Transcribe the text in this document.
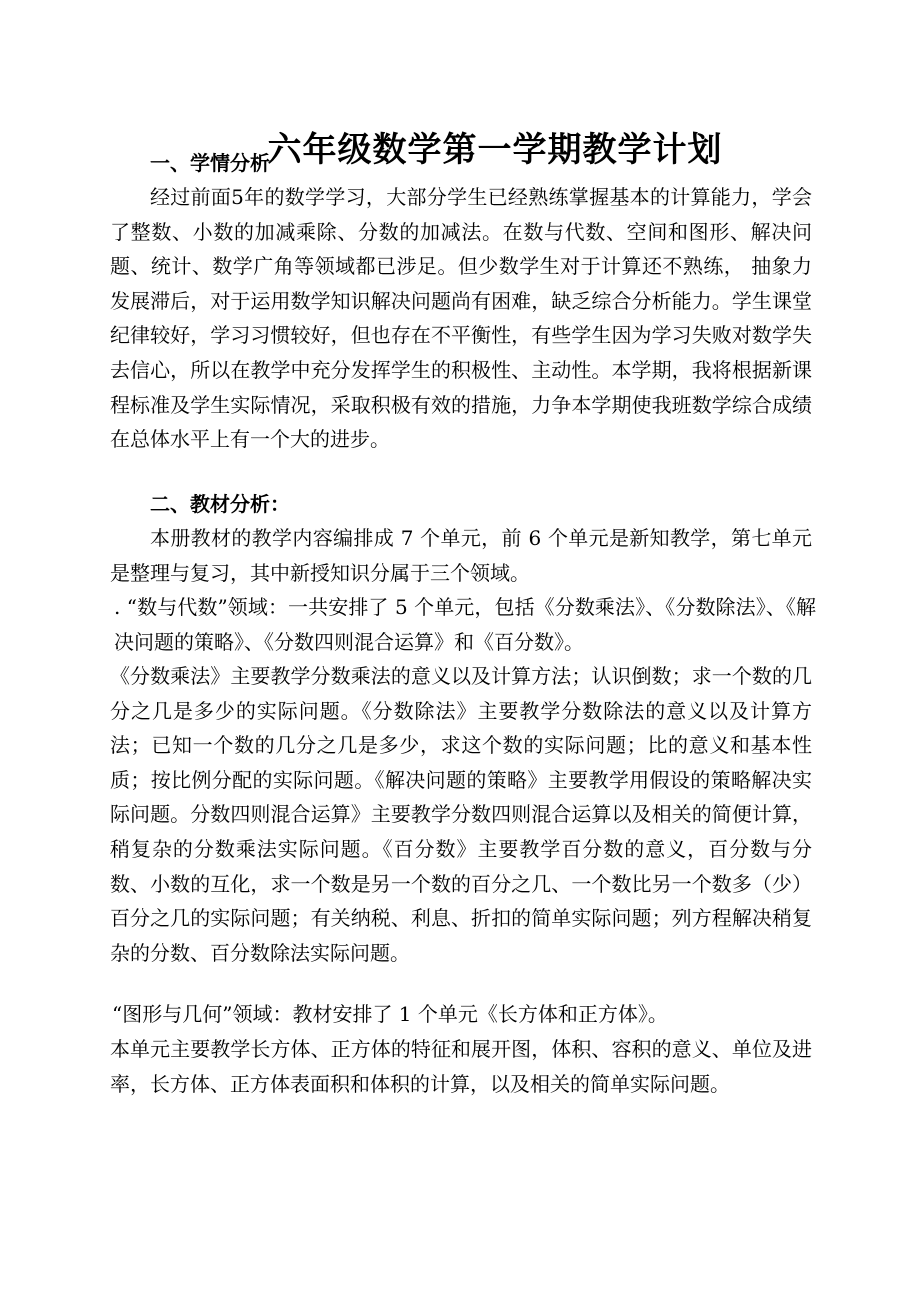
六年级数学第一学期教学计划
一、学情分析

经过前面5年的数学学习，大部分学生已经熟练掌握基本的计算能力，学会了整数、小数的加减乘除、分数的加减法。在数与代数、空间和图形、解决问题、统计、数学广角等领域都已涉足。但少数学生对于计算还不熟练， 抽象力发展滞后，对于运用数学知识解决问题尚有困难，缺乏综合分析能力。学生课堂纪律较好，学习习惯较好，但也存在不平衡性，有些学生因为学习失败对数学失去信心，所以在教学中充分发挥学生的积极性、主动性。本学期，我将根据新课程标准及学生实际情况，采取积极有效的措施，力争本学期使我班数学综合成绩在总体水平上有一个大的进步。

二、教材分析：

本册教材的教学内容编排成 7 个单元，前 6 个单元是新知教学，第七单元是整理与复习，其中新授知识分属于三个领域。

. “数与代数”领域：一共安排了 5 个单元，包括《分数乘法》、《分数除法》、《解决问题的策略》、《分数四则混合运算》和《百分数》。

《分数乘法》主要教学分数乘法的意义以及计算方法；认识倒数；求一个数的几分之几是多少的实际问题。《分数除法》主要教学分数除法的意义以及计算方法；已知一个数的几分之几是多少，求这个数的实际问题；比的意义和基本性质；按比例分配的实际问题。《解决问题的策略》主要教学用假设的策略解决实际问题。分数四则混合运算》主要教学分数四则混合运算以及相关的简便计算，稍复杂的分数乘法实际问题。《百分数》主要教学百分数的意义，百分数与分数、小数的互化，求一个数是另一个数的百分之几、一个数比另一个数多（少）百分之几的实际问题；有关纳税、利息、折扣的简单实际问题；列方程解决稍复杂的分数、百分数除法实际问题。

“图形与几何”领域：教材安排了 1 个单元《长方体和正方体》。

本单元主要教学长方体、正方体的特征和展开图，体积、容积的意义、单位及进率，长方体、正方体表面积和体积的计算，以及相关的简单实际问题。
